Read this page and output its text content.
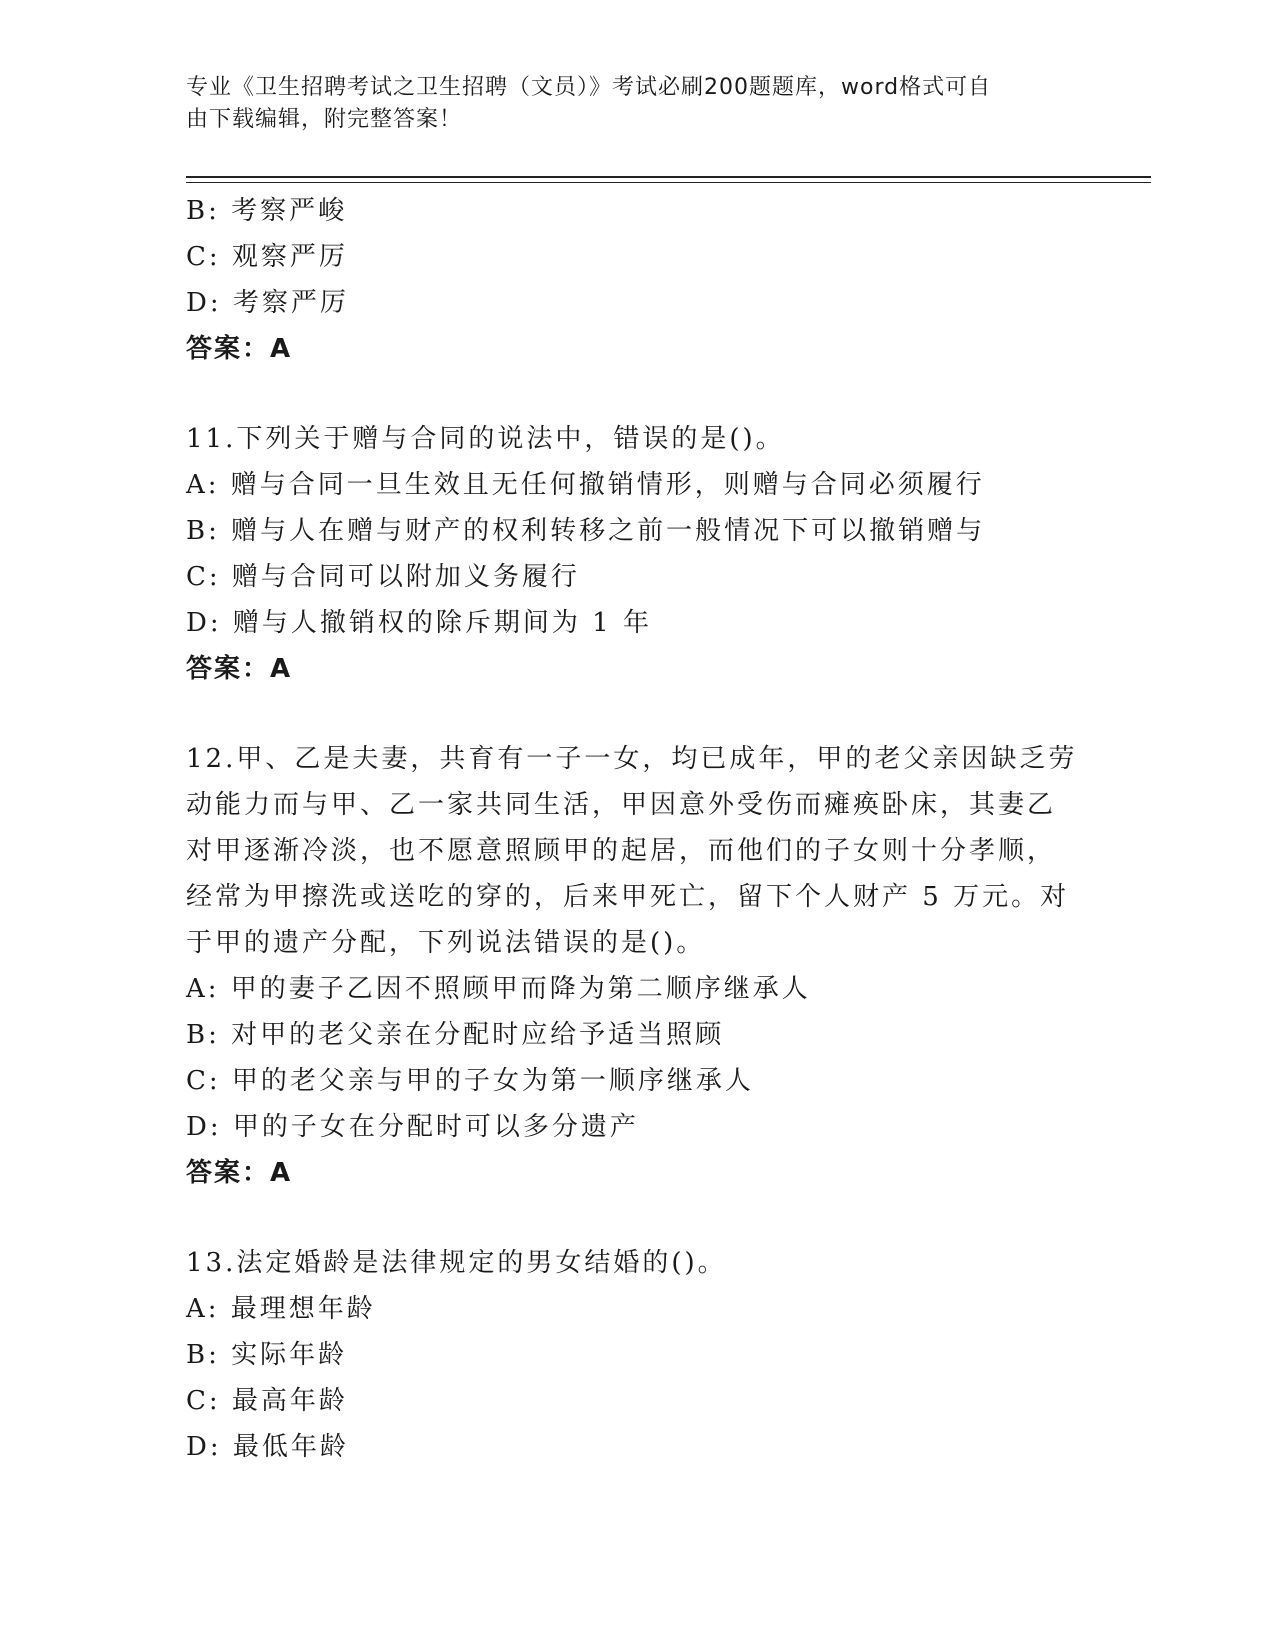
专业《卫生招聘考试之卫生招聘（文员）》考试必刷200题题库，word格式可自
由下载编辑，附完整答案！
B: 考察严峻
C: 观察严厉
D: 考察严厉
答案：A
11.下列关于赠与合同的说法中，错误的是()。
A: 赠与合同一旦生效且无任何撤销情形，则赠与合同必须履行
B: 赠与人在赠与财产的权利转移之前一般情况下可以撤销赠与
C: 赠与合同可以附加义务履行
D: 赠与人撤销权的除斥期间为 1 年
答案：A
12.甲、乙是夫妻，共育有一子一女，均已成年，甲的老父亲因缺乏劳
动能力而与甲、乙一家共同生活，甲因意外受伤而瘫痪卧床，其妻乙
对甲逐渐冷淡，也不愿意照顾甲的起居，而他们的子女则十分孝顺，
经常为甲擦洗或送吃的穿的，后来甲死亡，留下个人财产 5 万元。对
于甲的遗产分配，下列说法错误的是()。
A: 甲的妻子乙因不照顾甲而降为第二顺序继承人
B: 对甲的老父亲在分配时应给予适当照顾
C: 甲的老父亲与甲的子女为第一顺序继承人
D: 甲的子女在分配时可以多分遗产
答案：A
13.法定婚龄是法律规定的男女结婚的()。
A: 最理想年龄
B: 实际年龄
C: 最高年龄
D: 最低年龄
